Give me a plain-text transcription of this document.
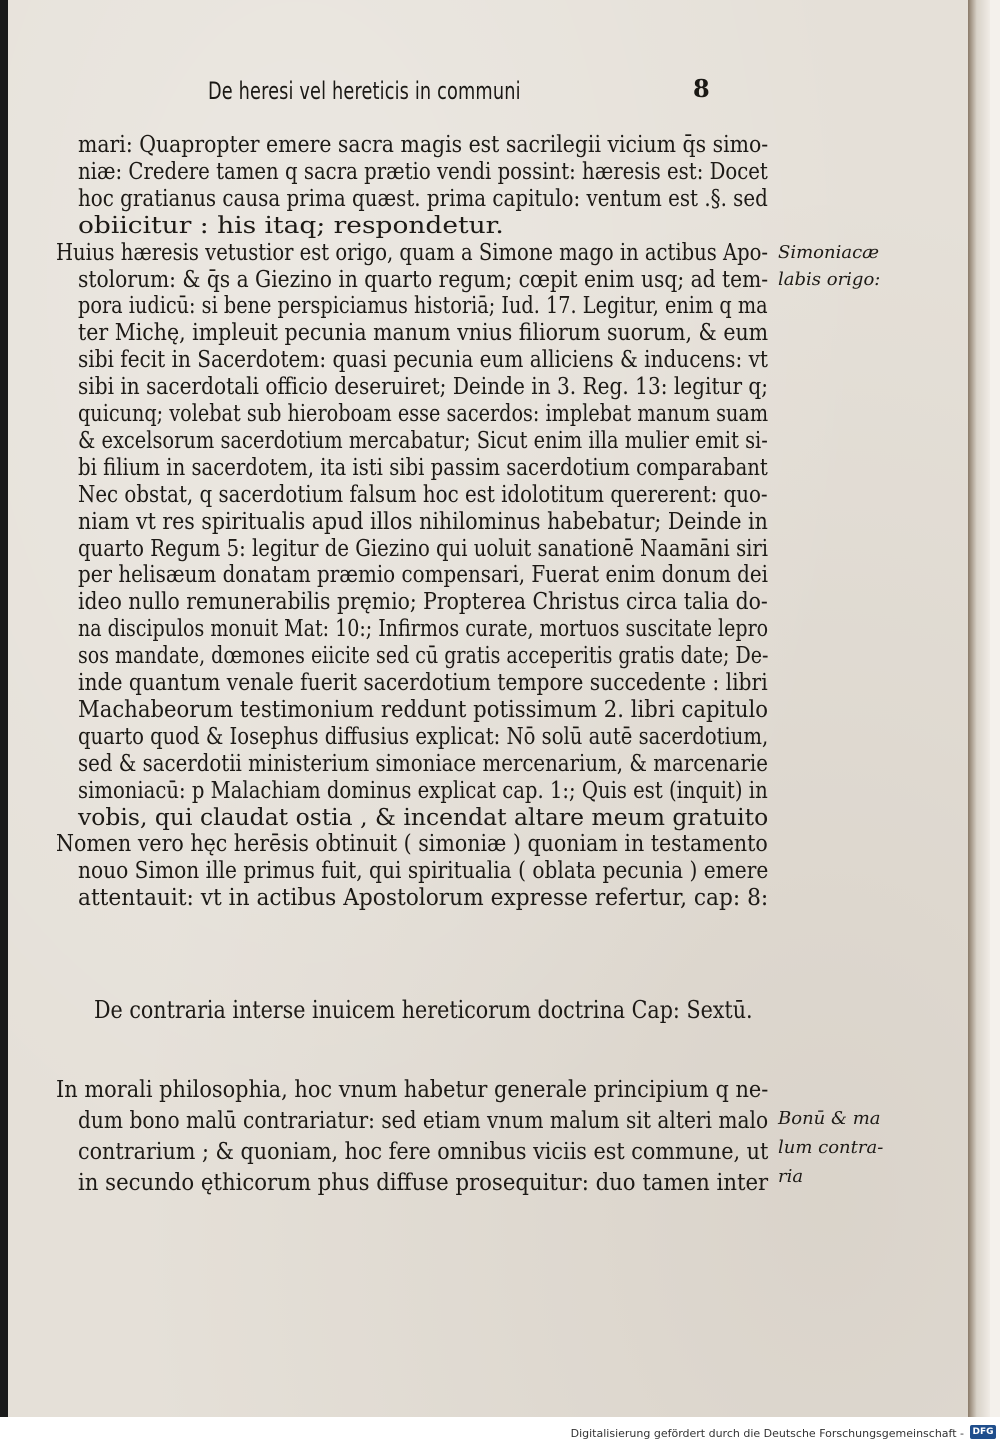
De heresi vel hereticis in communi	8
mari: Quapropter emere sacra magis est sacrilegii vicium q̄s simo-
niæ: Credere tamen q sacra prætio vendi possint: hæresis est: Docet
hoc gratianus causa prima quæst. prima capitulo: ventum est .§. sed
obiicitur : his itaq; respondetur.
Huius hæresis vetustior est origo, quam a Simone mago in actibus Apo-
stolorum: & q̄s a Giezino in quarto regum; cœpit enim usq; ad tem-
pora iudicū: si bene perspiciamus historiā; Iud. 17. Legitur, enim q ma
ter Michę, impleuit pecunia manum vnius filiorum suorum, & eum
sibi fecit in Sacerdotem: quasi pecunia eum alliciens & inducens: vt
sibi in sacerdotali officio deseruiret; Deinde in 3. Reg. 13: legitur q;
quicunq; volebat sub hieroboam esse sacerdos: implebat manum suam
& excelsorum sacerdotium mercabatur; Sicut enim illa mulier emit si-
bi filium in sacerdotem, ita isti sibi passim sacerdotium comparabant
Nec obstat, q sacerdotium falsum hoc est idolotitum quererent: quo-
niam vt res spiritualis apud illos nihilominus habebatur; Deinde in
quarto Regum 5: legitur de Giezino qui uoluit sanationē Naamāni siri
per helisæum donatam præmio compensari, Fuerat enim donum dei
ideo nullo remunerabilis pręmio; Propterea Christus circa talia do-
na discipulos monuit Mat: 10:; Infirmos curate, mortuos suscitate lepro
sos mandate, dœmones eiicite sed cū gratis acceperitis gratis date; De-
inde quantum venale fuerit sacerdotium tempore succedente : libri
Machabeorum testimonium reddunt potissimum 2. libri capitulo
quarto quod & Iosephus diffusius explicat: Nō solū autē sacerdotium,
sed & sacerdotii ministerium simoniace mercenarium, & marcenarie
simoniacū: p Malachiam dominus explicat cap. 1:; Quis est (inquit) in
vobis, qui claudat ostia , & incendat altare meum gratuito
Nomen vero hęc herēsis obtinuit ( simoniæ ) quoniam in testamento
nouo Simon ille primus fuit, qui spiritualia ( oblata pecunia ) emere
attentauit: vt in actibus Apostolorum expresse refertur, cap: 8:
De contraria interse inuicem hereticorum doctrina Cap: Sextū.
In morali philosophia, hoc vnum habetur generale principium q ne-
dum bono malū contrariatur: sed etiam vnum malum sit alteri malo
contrarium ; & quoniam, hoc fere omnibus viciis est commune, ut
in secundo ęthicorum phus diffuse prosequitur: duo tamen inter
Simoniacæ
labis origo:
Bonū & ma
lum contra-
ria
Digitalisierung gefördert durch die Deutsche Forschungsgemeinschaft - DFG
